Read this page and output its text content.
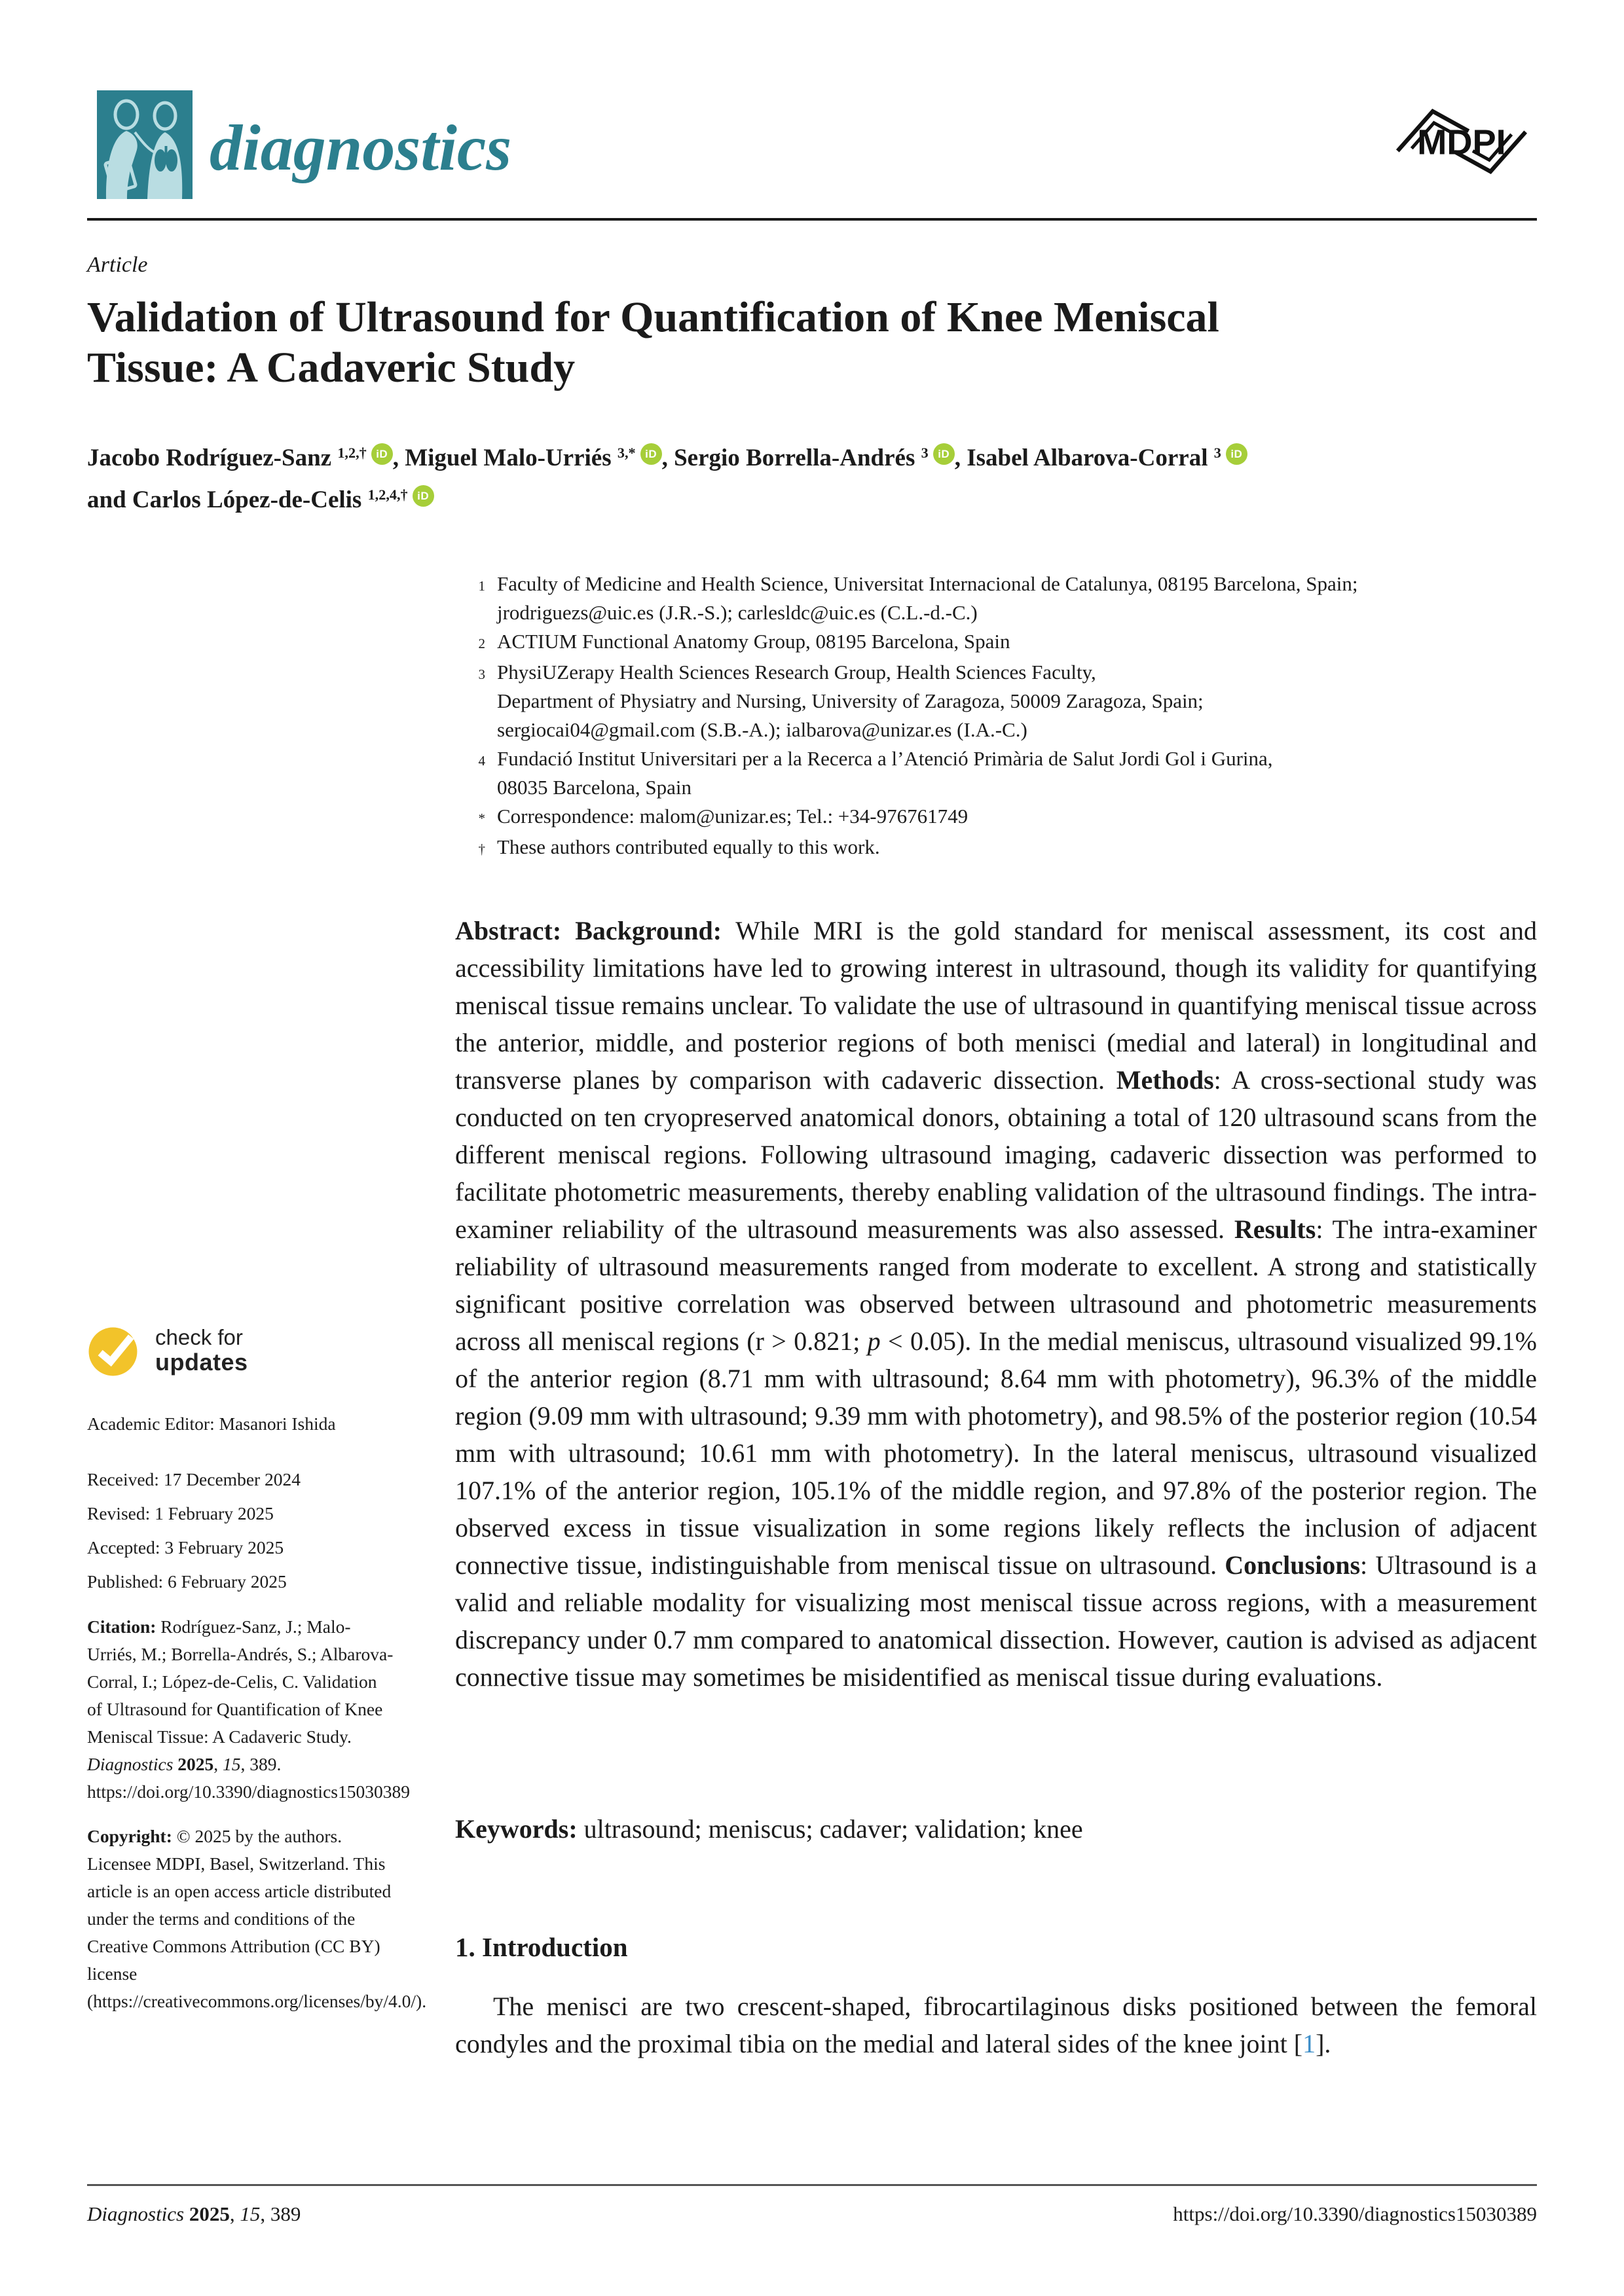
diagnostics	MDPI
Article
Validation of Ultrasound for Quantification of Knee Meniscal
Tissue: A Cadaveric Study
Jacobo Rodríguez-Sanz $^{1,2,\dagger}$ iD , Miguel Malo-Urriés $^{3,*}$ iD , Sergio Borrella-Andrés $^3$ iD , Isabel Albarova-Corral $^3$ iD
and Carlos López-de-Celis $^{1,2,4,\dagger}$ iD
1 Faculty of Medicine and Health Science, Universitat Internacional de Catalunya, 08195 Barcelona, Spain;
jrodriguezs@uic.es (J.R.-S.); carlesldc@uic.es (C.L.-d.-C.)
2 ACTIUM Functional Anatomy Group, 08195 Barcelona, Spain
3 PhysiUZerapy Health Sciences Research Group, Health Sciences Faculty,
Department of Physiatry and Nursing, University of Zaragoza, 50009 Zaragoza, Spain;
sergiocai04@gmail.com (S.B.-A.); ialbarova@unizar.es (I.A.-C.)
4 Fundació Institut Universitari per a la Recerca a l’Atenció Primària de Salut Jordi Gol i Gurina,
08035 Barcelona, Spain
* Correspondence: malom@unizar.es; Tel.: +34-976761749
† These authors contributed equally to this work.

Abstract: Background: While MRI is the gold standard for meniscal assessment, its cost and accessibility limitations have led to growing interest in ultrasound, though its validity for quantifying meniscal tissue remains unclear. To validate the use of ultrasound in quantifying meniscal tissue across the anterior, middle, and posterior regions of both menisci (medial and lateral) in longitudinal and transverse planes by comparison with cadaveric dissection. Methods: A cross-sectional study was conducted on ten cryopreserved anatomical donors, obtaining a total of 120 ultrasound scans from the different meniscal regions. Following ultrasound imaging, cadaveric dissection was performed to facilitate photometric measurements, thereby enabling validation of the ultrasound findings. The intra-examiner reliability of the ultrasound measurements was also assessed. Results: The intra-examiner reliability of ultrasound measurements ranged from moderate to excellent. A strong and statistically significant positive correlation was observed between ultrasound and photometric measurements across all meniscal regions (r > 0.821; p < 0.05). In the medial meniscus, ultrasound visualized 99.1% of the anterior region (8.71 mm with ultrasound; 8.64 mm with photometry), 96.3% of the middle region (9.09 mm with ultrasound; 9.39 mm with photometry), and 98.5% of the posterior region (10.54 mm with ultrasound; 10.61 mm with photometry). In the lateral meniscus, ultrasound visualized 107.1% of the anterior region, 105.1% of the middle region, and 97.8% of the posterior region. The observed excess in tissue visualization in some regions likely reflects the inclusion of adjacent connective tissue, indistinguishable from meniscal tissue on ultrasound. Conclusions: Ultrasound is a valid and reliable modality for visualizing most meniscal tissue across regions, with a measurement discrepancy under 0.7 mm compared to anatomical dissection. However, caution is advised as adjacent connective tissue may sometimes be misidentified as meniscal tissue during evaluations.

Keywords: ultrasound; meniscus; cadaver; validation; knee

1. Introduction

The menisci are two crescent-shaped, fibrocartilaginous disks positioned between the femoral condyles and the proximal tibia on the medial and lateral sides of the knee joint [1].

check for
updates
Academic Editor: Masanori Ishida
Received: 17 December 2024
Revised: 1 February 2025
Accepted: 3 February 2025
Published: 6 February 2025
Citation: Rodríguez-Sanz, J.; Malo-Urriés, M.; Borrella-Andrés, S.; Albarova-Corral, I.; López-de-Celis, C. Validation of Ultrasound for Quantification of Knee Meniscal Tissue: A Cadaveric Study. Diagnostics 2025, 15, 389. https://doi.org/10.3390/diagnostics15030389
Copyright: © 2025 by the authors. Licensee MDPI, Basel, Switzerland. This article is an open access article distributed under the terms and conditions of the Creative Commons Attribution (CC BY) license (https://creativecommons.org/licenses/by/4.0/).
Diagnostics 2025, 15, 389	https://doi.org/10.3390/diagnostics15030389
